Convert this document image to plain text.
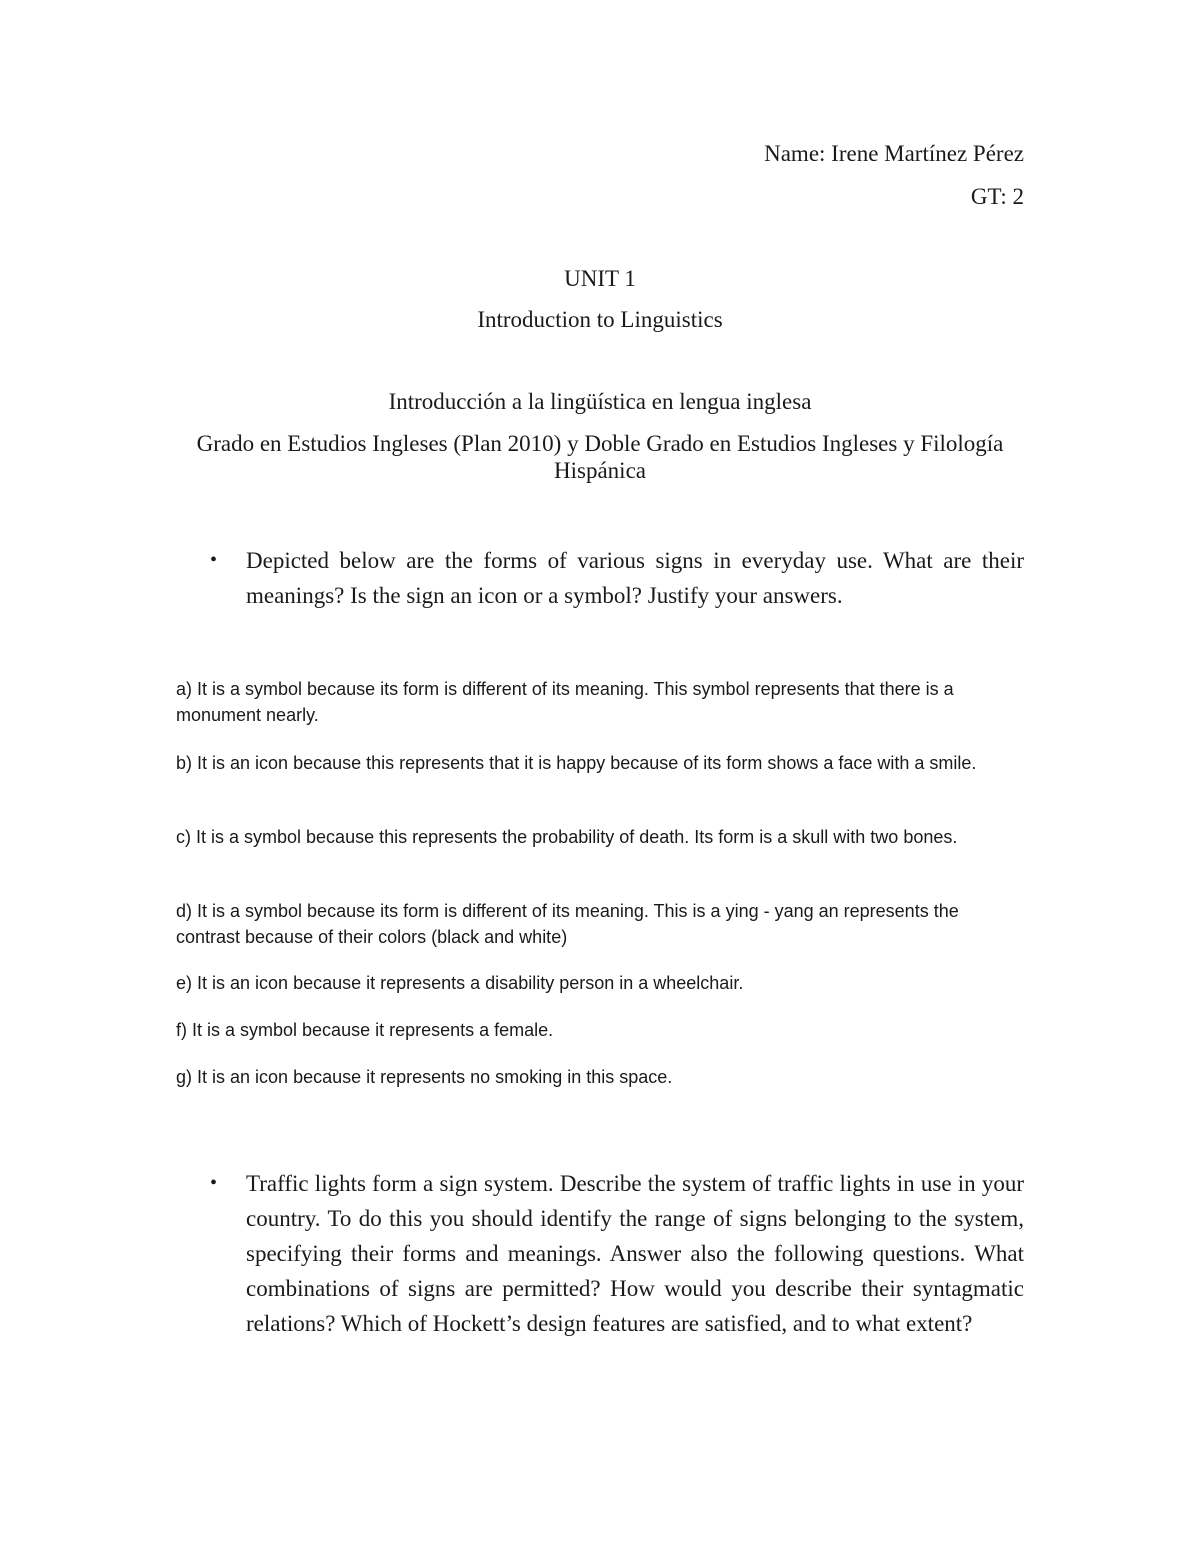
Name: Irene Martínez Pérez
GT: 2
UNIT 1
Introduction to Linguistics
Introducción a la lingüística en lengua inglesa
Grado en Estudios Ingleses (Plan 2010) y Doble Grado en Estudios Ingleses y Filología Hispánica
• Depicted below are the forms of various signs in everyday use. What are their meanings? Is the sign an icon or a symbol? Justify your answers.

a) It is a symbol because its form is different of its meaning. This symbol represents that there is a monument nearly.

b) It is an icon because this represents that it is happy because of its form shows a face with a smile.

c) It is a symbol because this represents the probability of death. Its form is a skull with two bones.

d) It is a symbol because its form is different of its meaning. This is a ying - yang an represents the contrast because of their colors (black and white)

e) It is an icon because it represents a disability person in a wheelchair.

f) It is a symbol because it represents a female.

g) It is an icon because it represents no smoking in this space.

• Traffic lights form a sign system. Describe the system of traffic lights in use in your country. To do this you should identify the range of signs belonging to the system, specifying their forms and meanings. Answer also the following questions. What combinations of signs are permitted? How would you describe their syntagmatic relations? Which of Hockett’s design features are satisfied, and to what extent?
